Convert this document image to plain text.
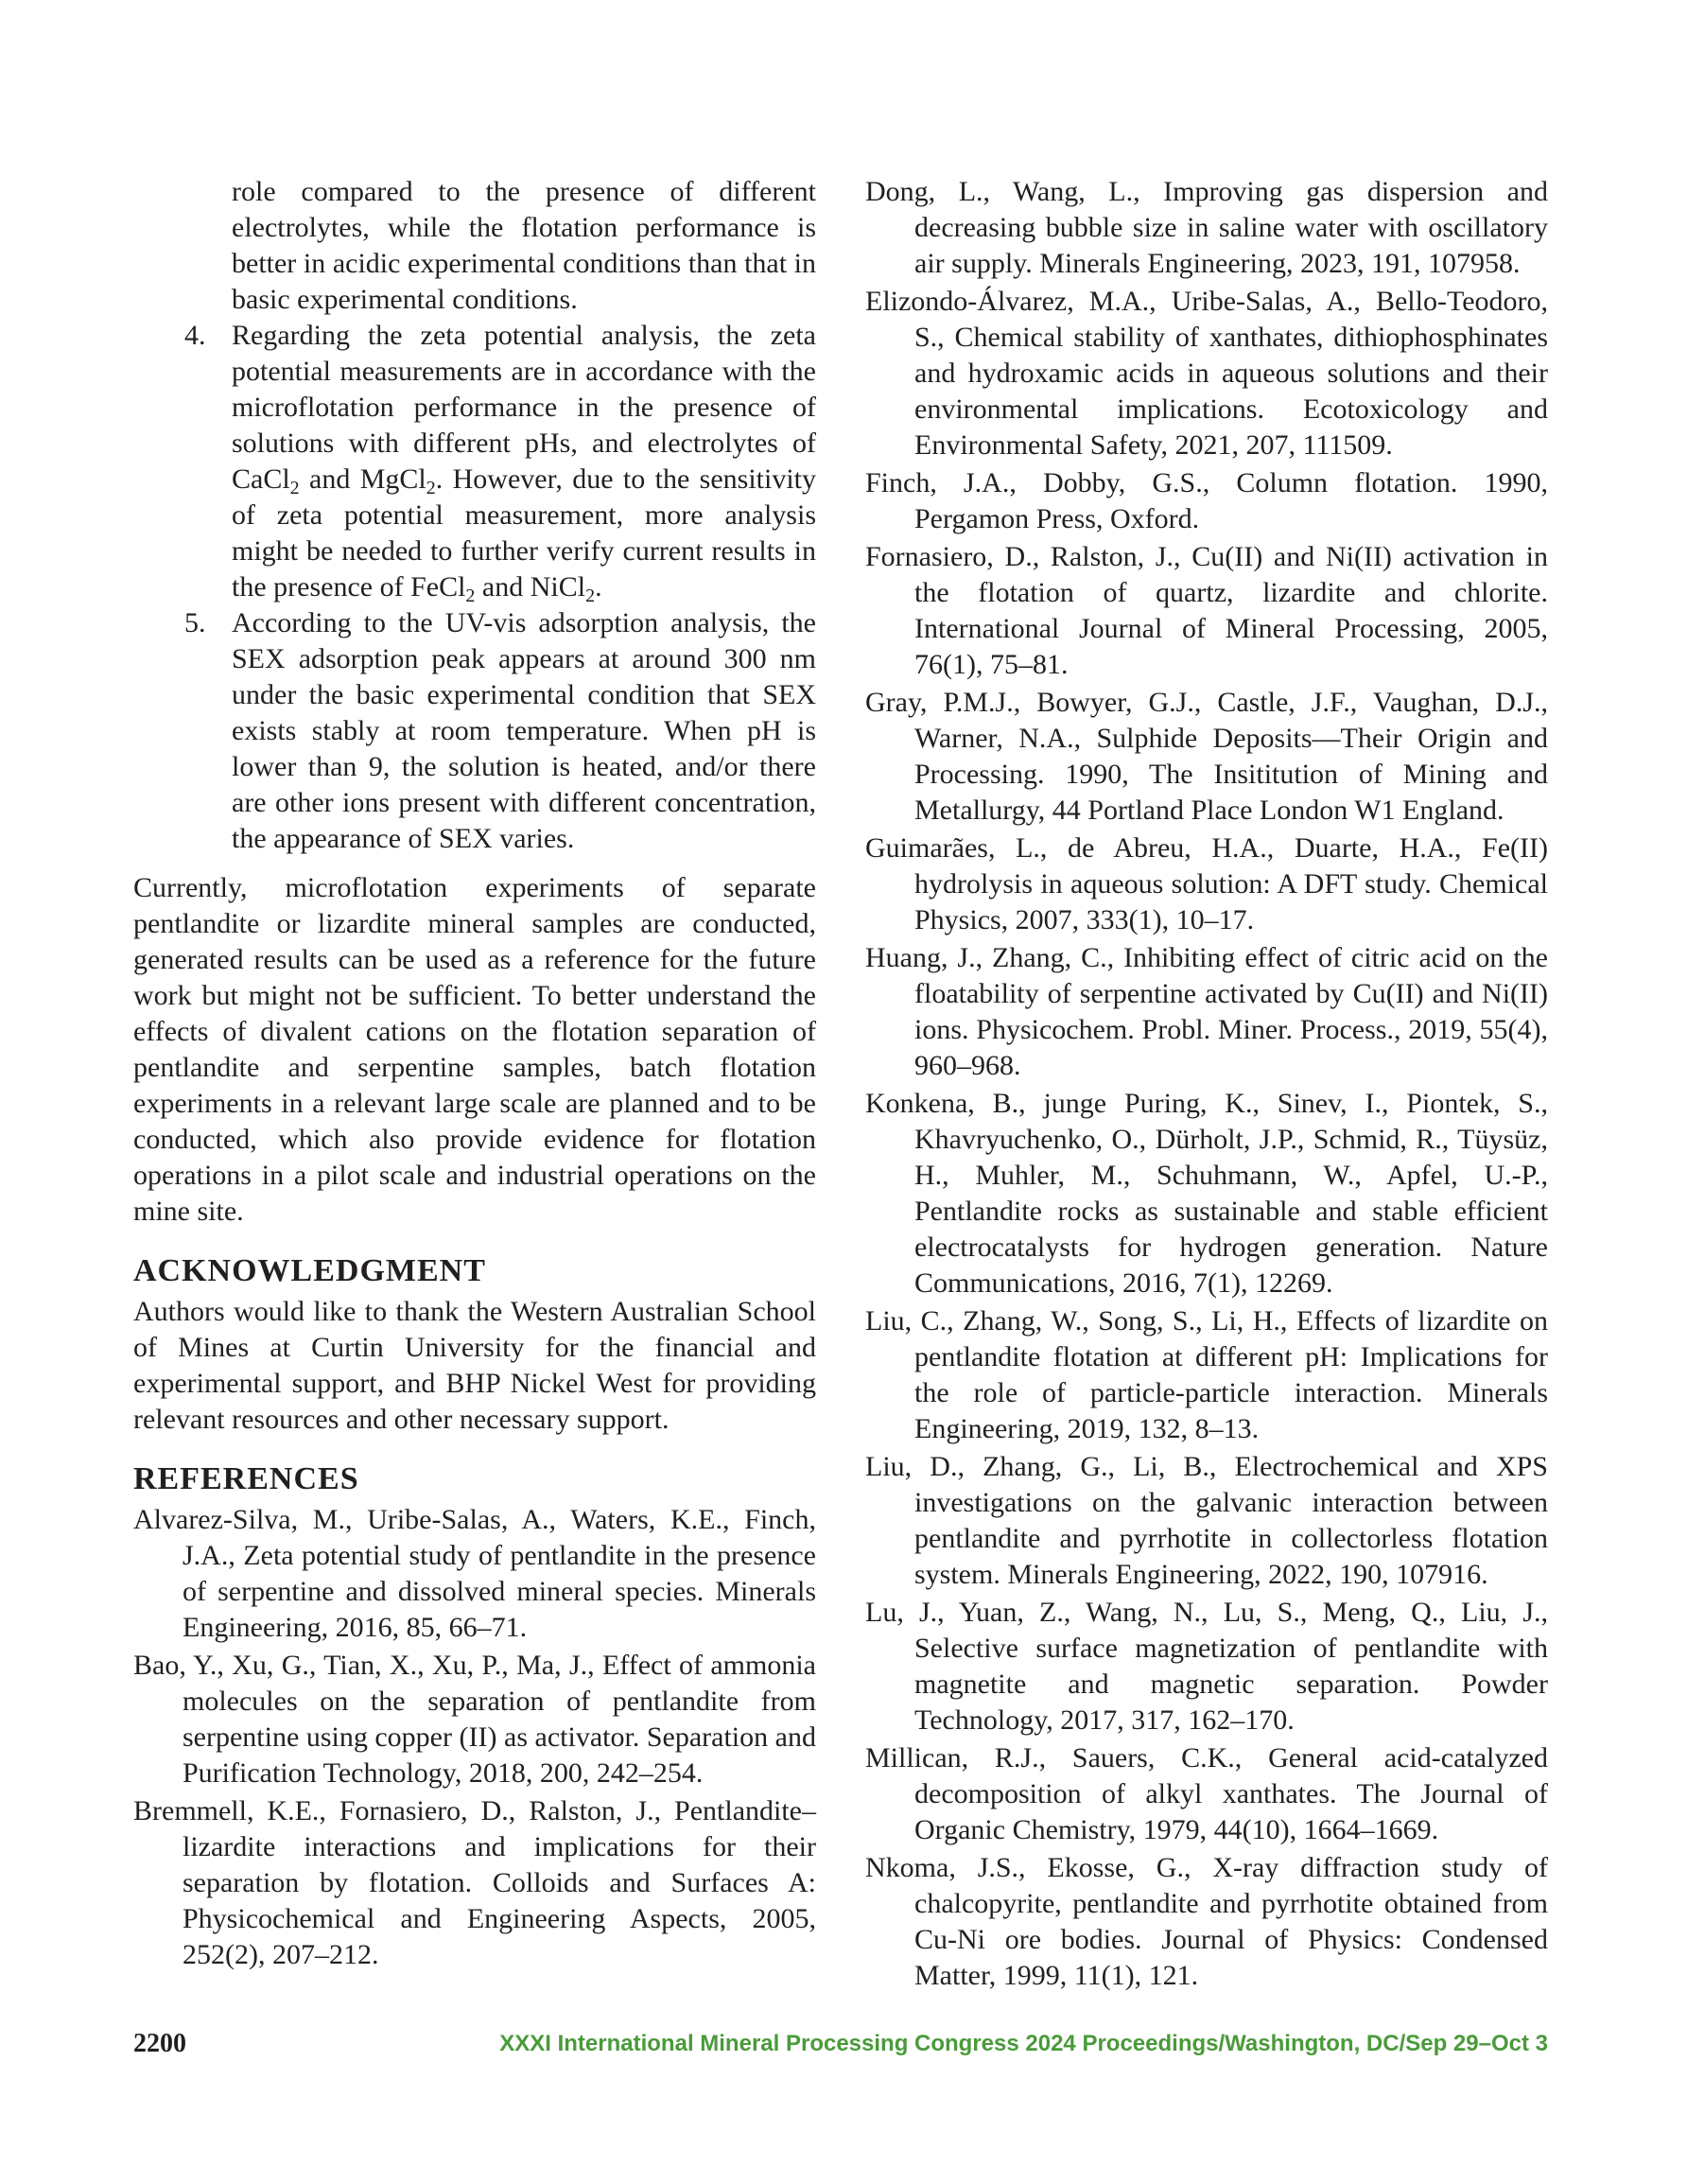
role compared to the presence of different electrolytes, while the flotation performance is better in acidic experimental conditions than that in basic experimental conditions.

4. Regarding the zeta potential analysis, the zeta potential measurements are in accordance with the microflotation performance in the presence of solutions with different pHs, and electrolytes of CaCl$_2$ and MgCl$_2$. However, due to the sensitivity of zeta potential measurement, more analysis might be needed to further verify current results in the presence of FeCl$_2$ and NiCl$_2$.
5. According to the UV-vis adsorption analysis, the SEX adsorption peak appears at around 300 nm under the basic experimental condition that SEX exists stably at room temperature. When pH is lower than 9, the solution is heated, and/or there are other ions present with different concentration, the appearance of SEX varies.

Currently, microflotation experiments of separate pentlandite or lizardite mineral samples are conducted, generated results can be used as a reference for the future work but might not be sufficient. To better understand the effects of divalent cations on the flotation separation of pentlandite and serpentine samples, batch flotation experiments in a relevant large scale are planned and to be conducted, which also provide evidence for flotation operations in a pilot scale and industrial operations on the mine site.

ACKNOWLEDGMENT

Authors would like to thank the Western Australian School of Mines at Curtin University for the financial and experimental support, and BHP Nickel West for providing relevant resources and other necessary support.

REFERENCES

Alvarez-Silva, M., Uribe-Salas, A., Waters, K.E., Finch, J.A., Zeta potential study of pentlandite in the presence of serpentine and dissolved mineral species. Minerals Engineering, 2016, 85, 66–71.

Bao, Y., Xu, G., Tian, X., Xu, P., Ma, J., Effect of ammonia molecules on the separation of pentlandite from serpentine using copper (II) as activator. Separation and Purification Technology, 2018, 200, 242–254.

Bremmell, K.E., Fornasiero, D., Ralston, J., Pentlandite–lizardite interactions and implications for their separation by flotation. Colloids and Surfaces A: Physicochemical and Engineering Aspects, 2005, 252(2), 207–212.

Dong, L., Wang, L., Improving gas dispersion and decreasing bubble size in saline water with oscillatory air supply. Minerals Engineering, 2023, 191, 107958.

Elizondo-Álvarez, M.A., Uribe-Salas, A., Bello-Teodoro, S., Chemical stability of xanthates, dithiophosphinates and hydroxamic acids in aqueous solutions and their environmental implications. Ecotoxicology and Environmental Safety, 2021, 207, 111509.

Finch, J.A., Dobby, G.S., Column flotation. 1990, Pergamon Press, Oxford.

Fornasiero, D., Ralston, J., Cu(II) and Ni(II) activation in the flotation of quartz, lizardite and chlorite. International Journal of Mineral Processing, 2005, 76(1), 75–81.

Gray, P.M.J., Bowyer, G.J., Castle, J.F., Vaughan, D.J., Warner, N.A., Sulphide Deposits—Their Origin and Processing. 1990, The Insititution of Mining and Metallurgy, 44 Portland Place London W1 England.

Guimarães, L., de Abreu, H.A., Duarte, H.A., Fe(II) hydrolysis in aqueous solution: A DFT study. Chemical Physics, 2007, 333(1), 10–17.

Huang, J., Zhang, C., Inhibiting effect of citric acid on the floatability of serpentine activated by Cu(II) and Ni(II) ions. Physicochem. Probl. Miner. Process., 2019, 55(4), 960–968.

Konkena, B., junge Puring, K., Sinev, I., Piontek, S., Khavryuchenko, O., Dürholt, J.P., Schmid, R., Tüysüz, H., Muhler, M., Schuhmann, W., Apfel, U.-P., Pentlandite rocks as sustainable and stable efficient electrocatalysts for hydrogen generation. Nature Communications, 2016, 7(1), 12269.

Liu, C., Zhang, W., Song, S., Li, H., Effects of lizardite on pentlandite flotation at different pH: Implications for the role of particle-particle interaction. Minerals Engineering, 2019, 132, 8–13.

Liu, D., Zhang, G., Li, B., Electrochemical and XPS investigations on the galvanic interaction between pentlandite and pyrrhotite in collectorless flotation system. Minerals Engineering, 2022, 190, 107916.

Lu, J., Yuan, Z., Wang, N., Lu, S., Meng, Q., Liu, J., Selective surface magnetization of pentlandite with magnetite and magnetic separation. Powder Technology, 2017, 317, 162–170.

Millican, R.J., Sauers, C.K., General acid-catalyzed decomposition of alkyl xanthates. The Journal of Organic Chemistry, 1979, 44(10), 1664–1669.

Nkoma, J.S., Ekosse, G., X-ray diffraction study of chalcopyrite, pentlandite and pyrrhotite obtained from Cu-Ni ore bodies. Journal of Physics: Condensed Matter, 1999, 11(1), 121.

2200	XXXI International Mineral Processing Congress 2024 Proceedings/Washington, DC/Sep 29–Oct 3
